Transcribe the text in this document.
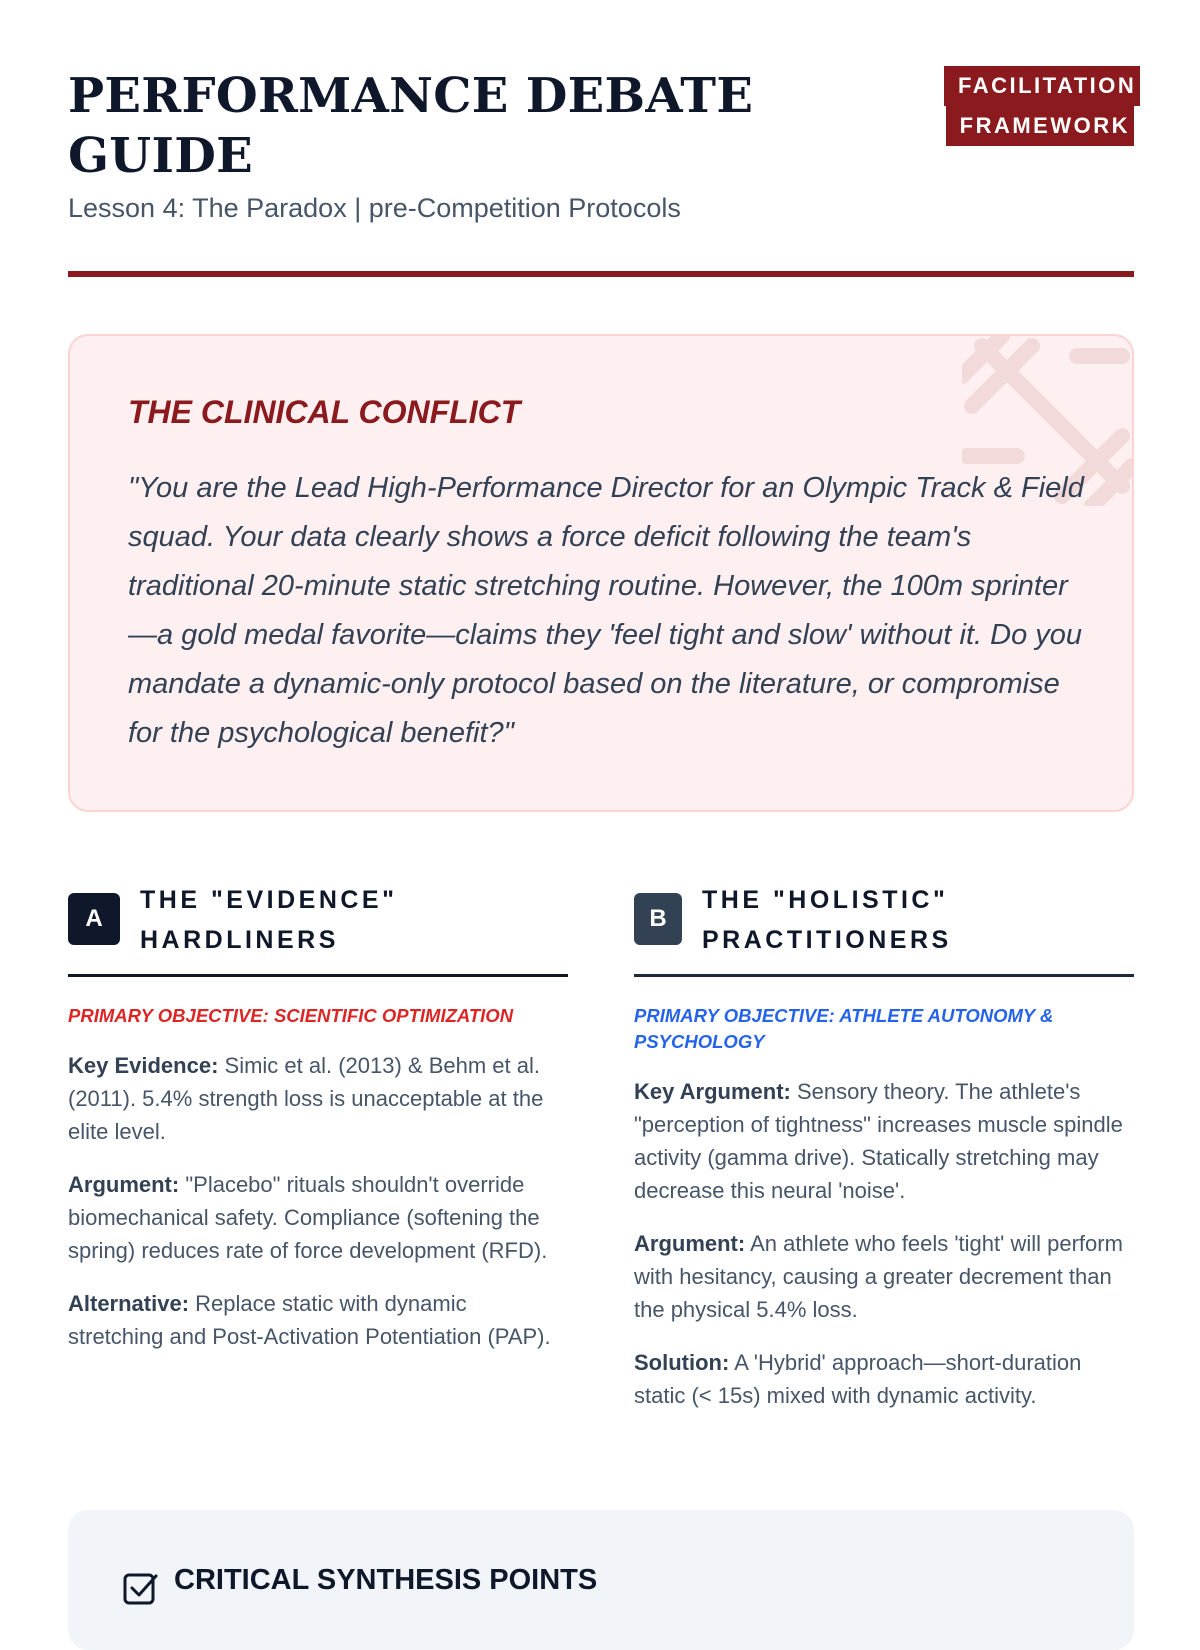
PERFORMANCE DEBATE GUIDE

Lesson 4: The Paradox | pre-Competition Protocols

FACILITATION
FRAMEWORK
THE CLINICAL CONFLICT

"You are the Lead High-Performance Director for an Olympic Track & Field squad. Your data clearly shows a force deficit following the team's traditional 20-minute static stretching routine. However, the 100m sprinter—a gold medal favorite—claims they 'feel tight and slow' without it. Do you mandate a dynamic-only protocol based on the literature, or compromise for the psychological benefit?"

A
THE "EVIDENCE"
HARDLINERS

PRIMARY OBJECTIVE: SCIENTIFIC OPTIMIZATION

Key Evidence: Simic et al. (2013) & Behm et al. (2011). 5.4% strength loss is unacceptable at the elite level.

Argument: "Placebo" rituals shouldn't override biomechanical safety. Compliance (softening the spring) reduces rate of force development (RFD).

Alternative: Replace static with dynamic stretching and Post-Activation Potentiation (PAP).

B
THE "HOLISTIC"
PRACTITIONERS

PRIMARY OBJECTIVE: ATHLETE AUTONOMY & PSYCHOLOGY

Key Argument: Sensory theory. The athlete's "perception of tightness" increases muscle spindle activity (gamma drive). Statically stretching may decrease this neural 'noise'.

Argument: An athlete who feels 'tight' will perform with hesitancy, causing a greater decrement than the physical 5.4% loss.

Solution: A 'Hybrid' approach—short-duration static (< 15s) mixed with dynamic activity.

CRITICAL SYNTHESIS POINTS
